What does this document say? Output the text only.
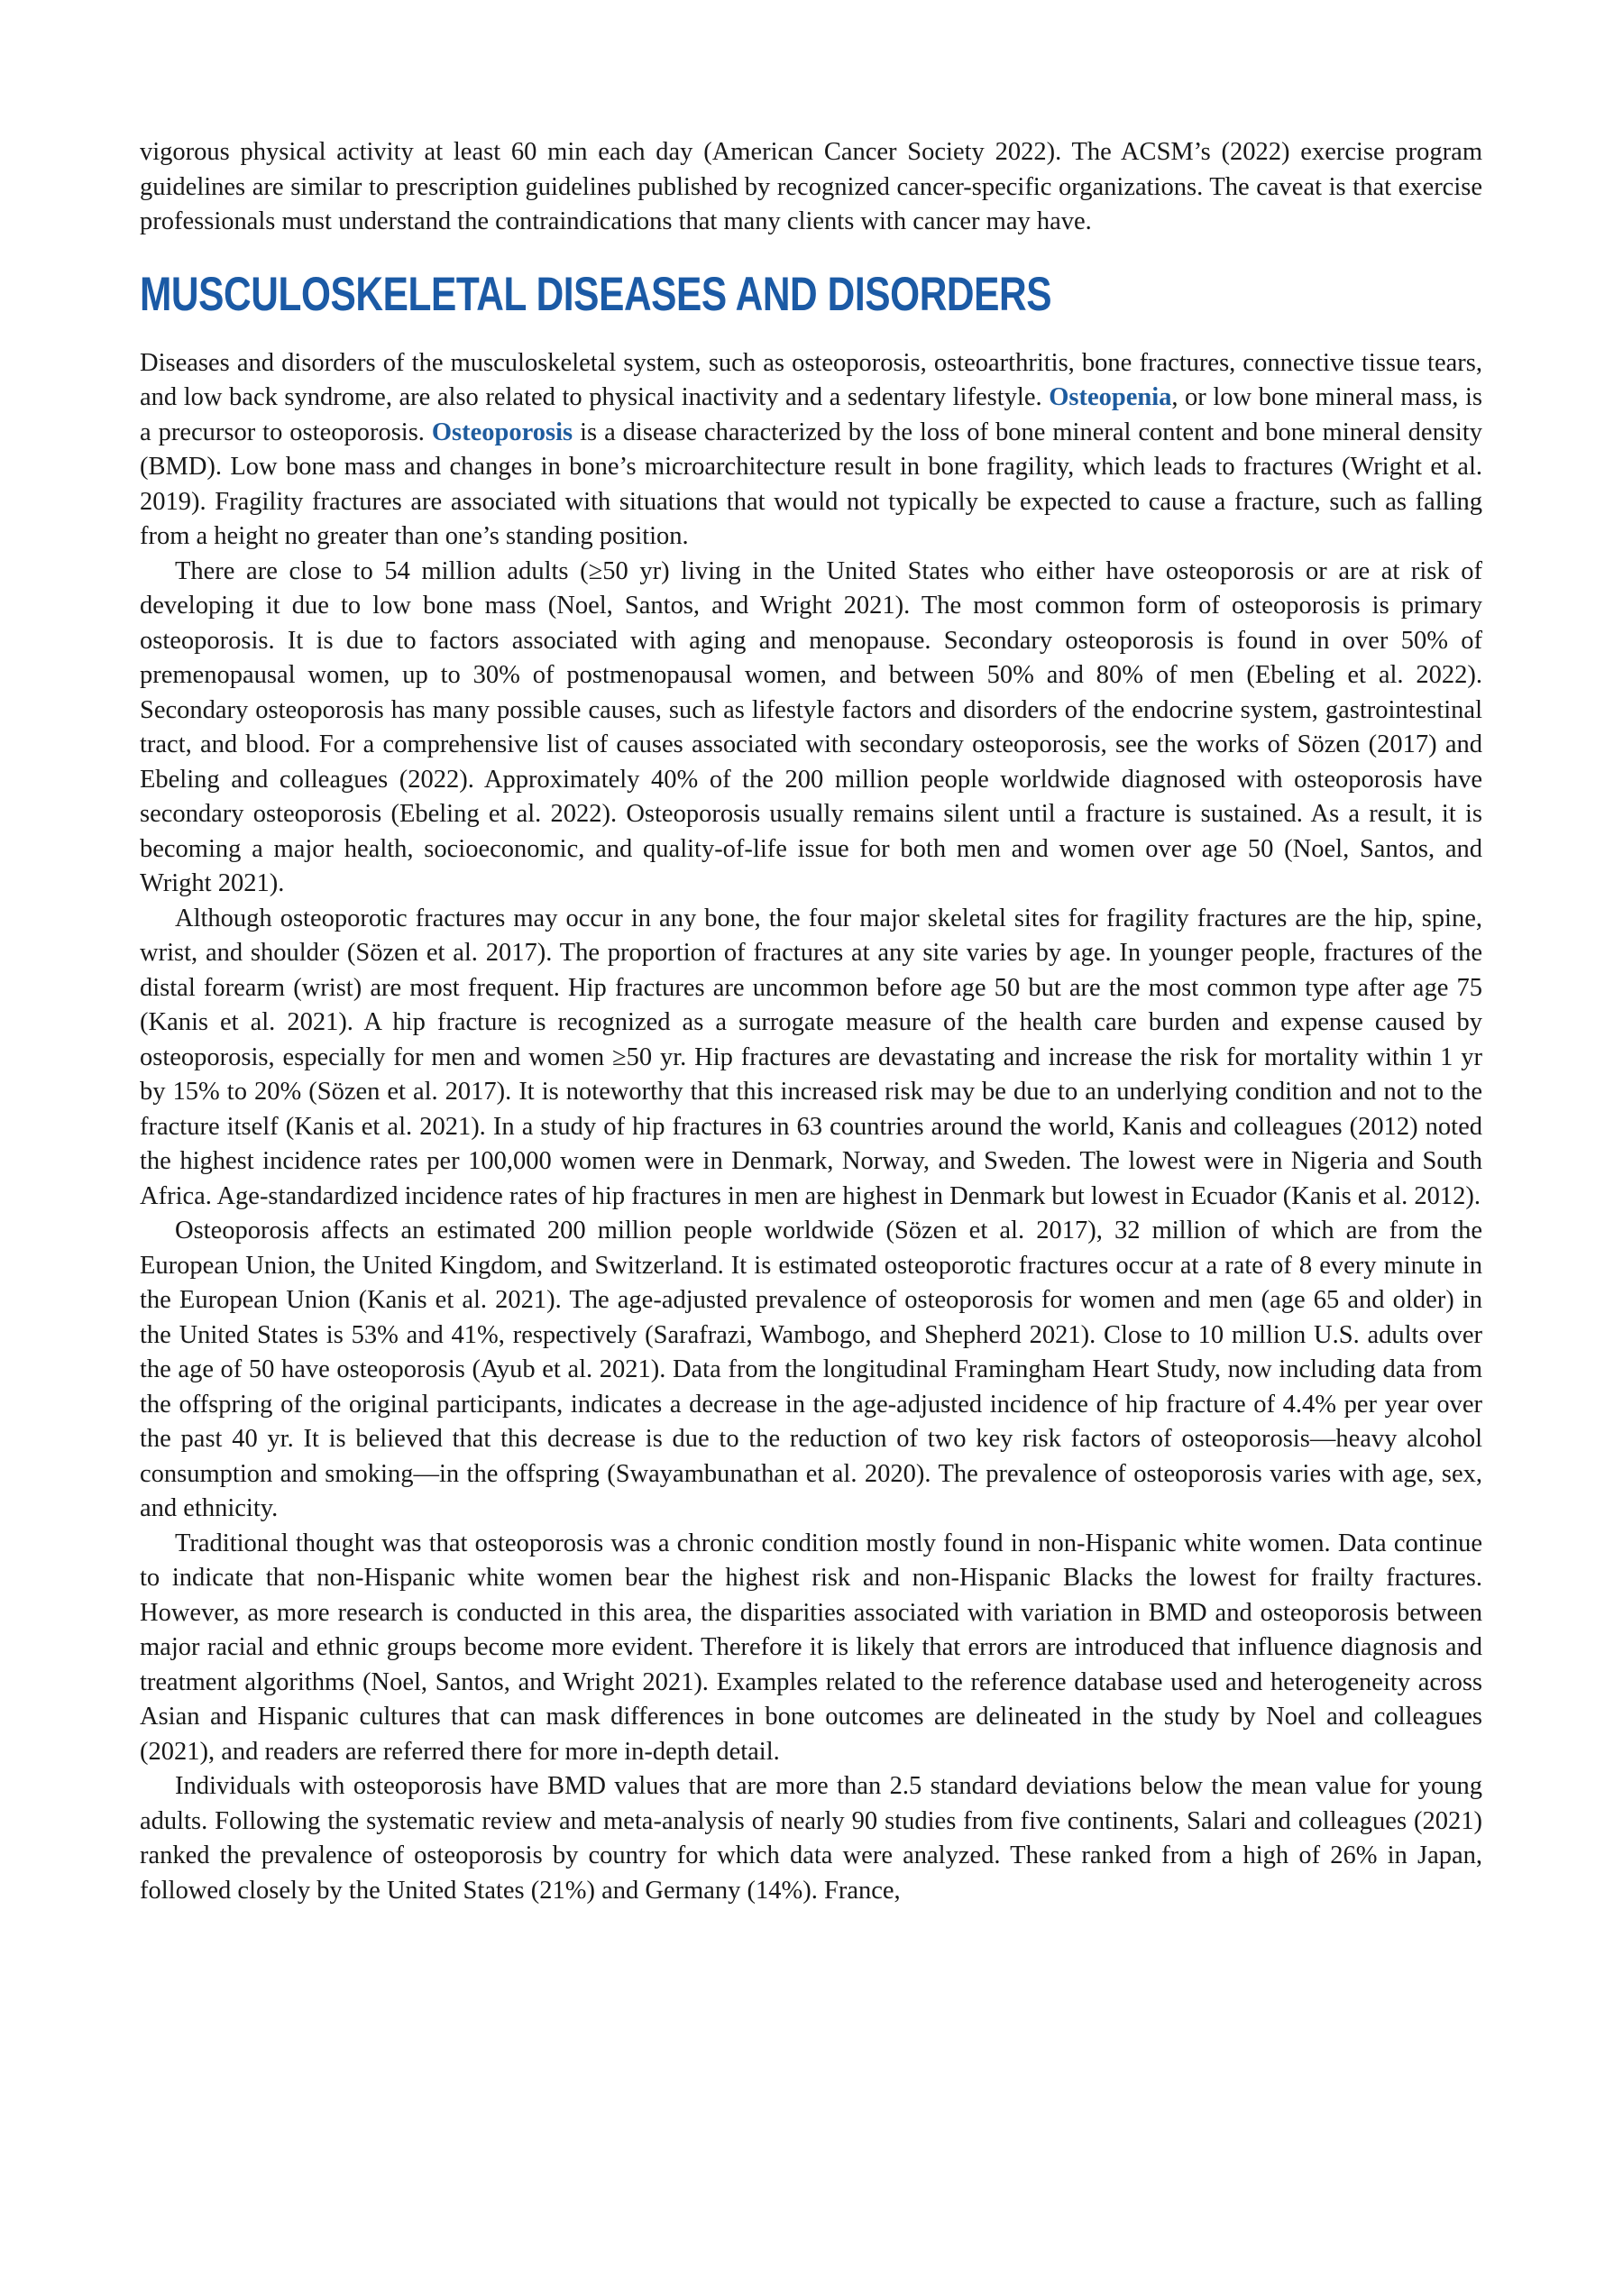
vigorous physical activity at least 60 min each day (American Cancer Society 2022). The ACSM’s (2022) exercise program guidelines are similar to prescription guidelines published by recognized cancer-specific organizations. The caveat is that exercise professionals must understand the contraindications that many clients with cancer may have.

MUSCULOSKELETAL DISEASES AND DISORDERS

Diseases and disorders of the musculoskeletal system, such as osteoporosis, osteoarthritis, bone fractures, connective tissue tears, and low back syndrome, are also related to physical inactivity and a sedentary lifestyle. Osteopenia, or low bone mineral mass, is a precursor to osteoporosis. Osteoporosis is a disease characterized by the loss of bone mineral content and bone mineral density (BMD). Low bone mass and changes in bone’s microarchitecture result in bone fragility, which leads to fractures (Wright et al. 2019). Fragility fractures are associated with situations that would not typically be expected to cause a fracture, such as falling from a height no greater than one’s standing position.

There are close to 54 million adults (≥50 yr) living in the United States who either have osteoporosis or are at risk of developing it due to low bone mass (Noel, Santos, and Wright 2021). The most common form of osteoporosis is primary osteoporosis. It is due to factors associated with aging and menopause. Secondary osteoporosis is found in over 50% of premenopausal women, up to 30% of postmenopausal women, and between 50% and 80% of men (Ebeling et al. 2022). Secondary osteoporosis has many possible causes, such as lifestyle factors and disorders of the endocrine system, gastrointestinal tract, and blood. For a comprehensive list of causes associated with secondary osteoporosis, see the works of Sözen (2017) and Ebeling and colleagues (2022). Approximately 40% of the 200 million people worldwide diagnosed with osteoporosis have secondary osteoporosis (Ebeling et al. 2022). Osteoporosis usually remains silent until a fracture is sustained. As a result, it is becoming a major health, socioeconomic, and quality-of-life issue for both men and women over age 50 (Noel, Santos, and Wright 2021).

Although osteoporotic fractures may occur in any bone, the four major skeletal sites for fragility fractures are the hip, spine, wrist, and shoulder (Sözen et al. 2017). The proportion of fractures at any site varies by age. In younger people, fractures of the distal forearm (wrist) are most frequent. Hip fractures are uncommon before age 50 but are the most common type after age 75 (Kanis et al. 2021). A hip fracture is recognized as a surrogate measure of the health care burden and expense caused by osteoporosis, especially for men and women ≥50 yr. Hip fractures are devastating and increase the risk for mortality within 1 yr by 15% to 20% (Sözen et al. 2017). It is noteworthy that this increased risk may be due to an underlying condition and not to the fracture itself (Kanis et al. 2021). In a study of hip fractures in 63 countries around the world, Kanis and colleagues (2012) noted the highest incidence rates per 100,000 women were in Denmark, Norway, and Sweden. The lowest were in Nigeria and South Africa. Age-standardized incidence rates of hip fractures in men are highest in Denmark but lowest in Ecuador (Kanis et al. 2012).

Osteoporosis affects an estimated 200 million people worldwide (Sözen et al. 2017), 32 million of which are from the European Union, the United Kingdom, and Switzerland. It is estimated osteoporotic fractures occur at a rate of 8 every minute in the European Union (Kanis et al. 2021). The age-adjusted prevalence of osteoporosis for women and men (age 65 and older) in the United States is 53% and 41%, respectively (Sarafrazi, Wambogo, and Shepherd 2021). Close to 10 million U.S. adults over the age of 50 have osteoporosis (Ayub et al. 2021). Data from the longitudinal Framingham Heart Study, now including data from the offspring of the original participants, indicates a decrease in the age-adjusted incidence of hip fracture of 4.4% per year over the past 40 yr. It is believed that this decrease is due to the reduction of two key risk factors of osteoporosis—heavy alcohol consumption and smoking—in the offspring (Swayambunathan et al. 2020). The prevalence of osteoporosis varies with age, sex, and ethnicity.

Traditional thought was that osteoporosis was a chronic condition mostly found in non-Hispanic white women. Data continue to indicate that non-Hispanic white women bear the highest risk and non-Hispanic Blacks the lowest for frailty fractures. However, as more research is conducted in this area, the disparities associated with variation in BMD and osteoporosis between major racial and ethnic groups become more evident. Therefore it is likely that errors are introduced that influence diagnosis and treatment algorithms (Noel, Santos, and Wright 2021). Examples related to the reference database used and heterogeneity across Asian and Hispanic cultures that can mask differences in bone outcomes are delineated in the study by Noel and colleagues (2021), and readers are referred there for more in-depth detail.

Individuals with osteoporosis have BMD values that are more than 2.5 standard deviations below the mean value for young adults. Following the systematic review and meta-analysis of nearly 90 studies from five continents, Salari and colleagues (2021) ranked the prevalence of osteoporosis by country for which data were analyzed. These ranked from a high of 26% in Japan, followed closely by the United States (21%) and Germany (14%). France,
